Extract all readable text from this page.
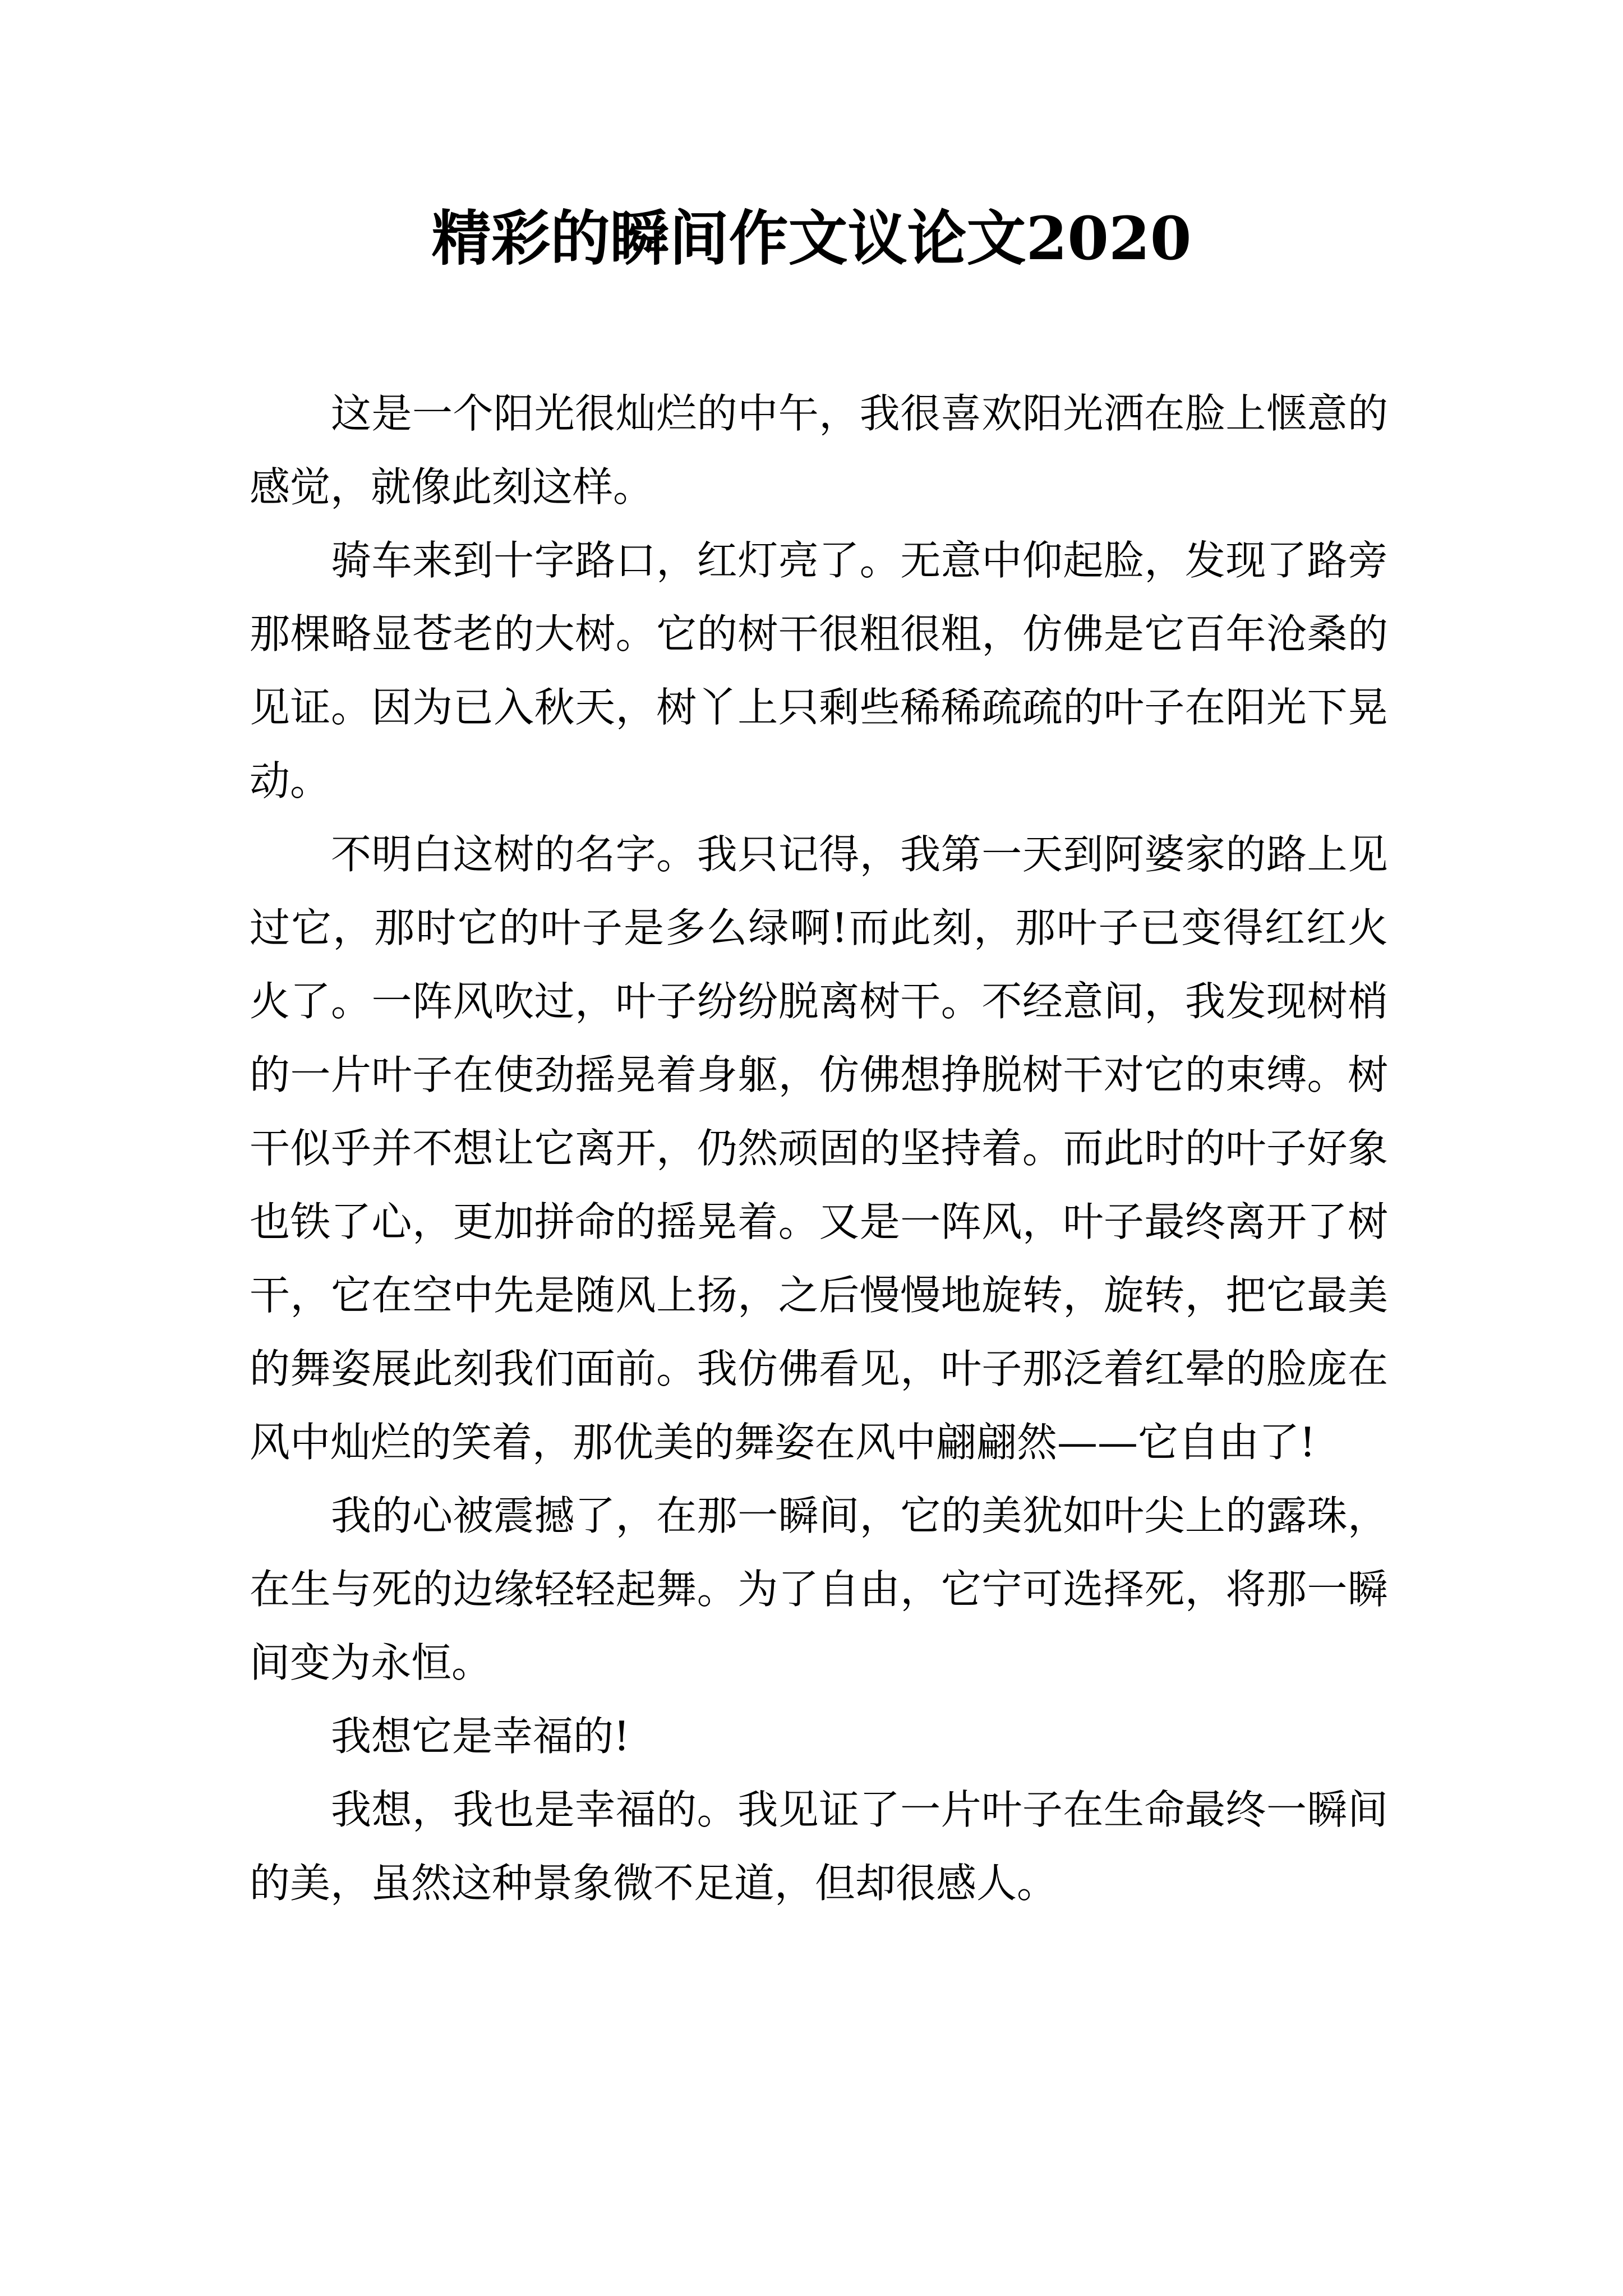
精彩的瞬间作文议论文2020

这是一个阳光很灿烂的中午，我很喜欢阳光洒在脸上惬意的感觉，就像此刻这样。

骑车来到十字路口，红灯亮了。无意中仰起脸，发现了路旁那棵略显苍老的大树。它的树干很粗很粗，仿佛是它百年沧桑的见证。因为已入秋天，树丫上只剩些稀稀疏疏的叶子在阳光下晃动。

不明白这树的名字。我只记得，我第一天到阿婆家的路上见过它，那时它的叶子是多么绿啊!而此刻，那叶子已变得红红火火了。一阵风吹过，叶子纷纷脱离树干。不经意间，我发现树梢的一片叶子在使劲摇晃着身躯，仿佛想挣脱树干对它的束缚。树干似乎并不想让它离开，仍然顽固的坚持着。而此时的叶子好象也铁了心，更加拼命的摇晃着。又是一阵风，叶子最终离开了树干，它在空中先是随风上扬，之后慢慢地旋转，旋转，把它最美的舞姿展此刻我们面前。我仿佛看见，叶子那泛着红晕的脸庞在风中灿烂的笑着，那优美的舞姿在风中翩翩然——它自由了!

我的心被震撼了，在那一瞬间，它的美犹如叶尖上的露珠，在生与死的边缘轻轻起舞。为了自由，它宁可选择死，将那一瞬间变为永恒。

我想它是幸福的!

我想，我也是幸福的。我见证了一片叶子在生命最终一瞬间的美，虽然这种景象微不足道，但却很感人。
